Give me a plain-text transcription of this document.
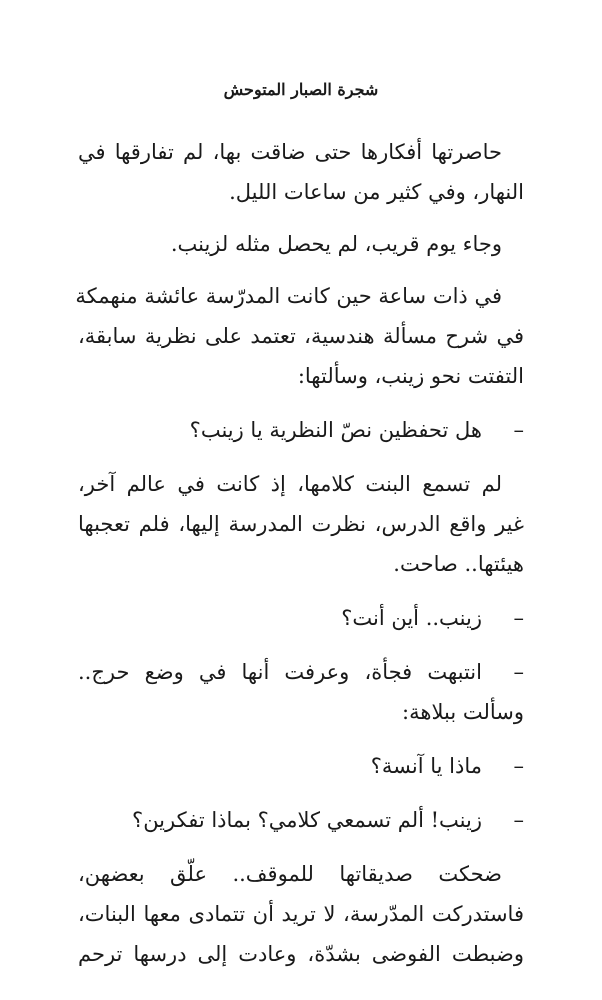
شجرة الصبار المتوحش

حاصرتها أفكارها حتى ضاقت بها، لم تفارقها في

النهار، وفي كثير من ساعات الليل.

وجاء يوم قريب، لم يحصل مثله لزينب.

في ذات ساعة حين كانت المدرّسة عائشة منهمكة

في شرح مسألة هندسية، تعتمد على نظرية سابقة،

التفتت نحو زينب، وسألتها:

–
هل تحفظين نصّ النظرية يا زينب؟

لم تسمع البنت كلامها، إذ كانت في عالم آخر،

غير واقع الدرس، نظرت المدرسة إليها، فلم تعجبها

هيئتها.. صاحت.

–
زينب.. أين أنت؟
–
انتبهت فجأة، وعرفت أنها في وضع حرج..

وسألت ببلاهة:

–
ماذا يا آنسة؟
–
زينب! ألم تسمعي كلامي؟ بماذا تفكرين؟

ضحكت صديقاتها للموقف.. علّق بعضهن،

فاستدركت المدّرسة، لا تريد أن تتمادى معها البنات،

وضبطت الفوضى بشدّة، وعادت إلى درسها ترحم
